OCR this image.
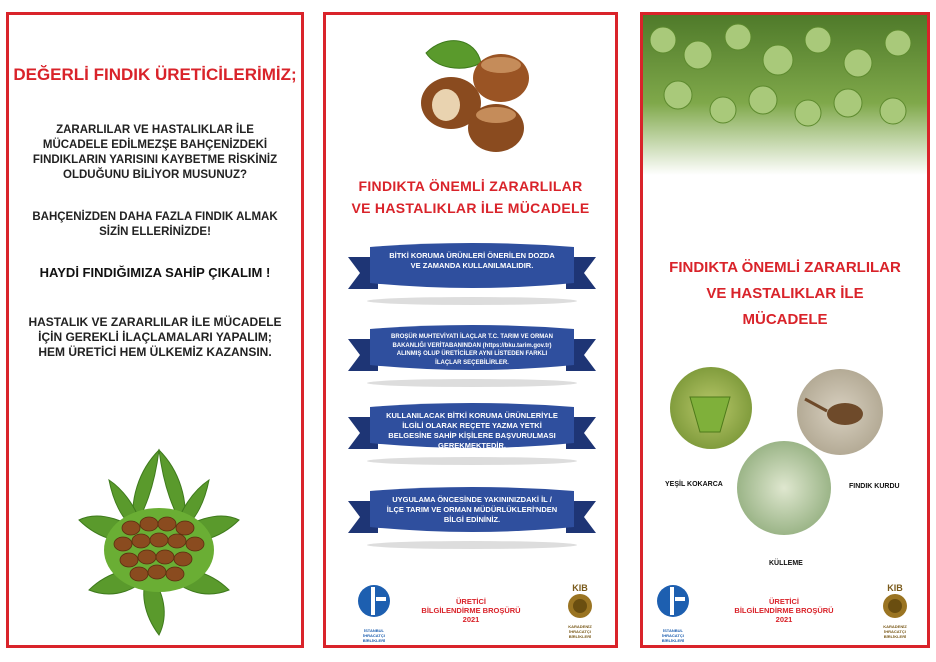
DEĞERLİ FINDIK ÜRETİCİLERİMİZ;
ZARARLILAR VE HASTALIKLAR İLE MÜCADELE EDİLMEZŞE BAHÇENİZDEKİ FINDIKLARIN YARISINI KAYBETME RİSKİNİZ OLDUĞUNU BİLİYOR MUSUNUZ?
BAHÇENİZDEN DAHA FAZLA FINDIK ALMAK SİZİN ELLERİNİZDE!
HAYDİ FINDIĞIMIZA SAHİP ÇIKALIM !
HASTALIK VE ZARARLILAR İLE MÜCADELE İÇİN GEREKLİ İLAÇLAMALARI YAPALIM; HEM ÜRETİCİ HEM ÜLKEMİZ KAZANSIN.
FINDIKTA ÖNEMLİ ZARARLILAR
VE HASTALIKLAR İLE MÜCADELE
BİTKİ KORUMA ÜRÜNLERİ ÖNERİLEN DOZDA VE ZAMANDA KULLANILMALIDIR.
BROŞÜR MUHTEVİYATI İLAÇLAR T.C. TARIM VE ORMAN BAKANLIĞI VERİTABANINDAN (https://bku.tarim.gov.tr) ALINMIŞ OLUP ÜRETİCİLER AYNI LİSTEDEN FARKLI İLAÇLAR SEÇEBİLİRLER.
KULLANILACAK BİTKİ KORUMA ÜRÜNLERİYLE İLGİLİ OLARAK REÇETE YAZMA YETKİ BELGESİNE SAHİP KİŞİLERE BAŞVURULMASI GEREKMEKTEDİR.
UYGULAMA ÖNCESİNDE YAKININIZDAKİ İL / İLÇE TARIM VE ORMAN MÜDÜRLÜKLERİ'NDEN BİLGİ EDİNİNİZ.
İSTANBUL İHRACATÇI BİRLİKLERİ
ÜRETİCİ
BİLGİLENDİRME BROŞÜRÜ
2021
KIB
KARADENİZ İHRACATÇI BİRLİKLERİ
FINDIKTA ÖNEMLİ ZARARLILAR
VE HASTALIKLAR İLE
MÜCADELE
YEŞİL KOKARCA	FINDIK KURDU
KÜLLEME
İSTANBUL İHRACATÇI BİRLİKLERİ
ÜRETİCİ
BİLGİLENDİRME BROŞÜRÜ
2021
KIB
KARADENİZ İHRACATÇI BİRLİKLERİ
